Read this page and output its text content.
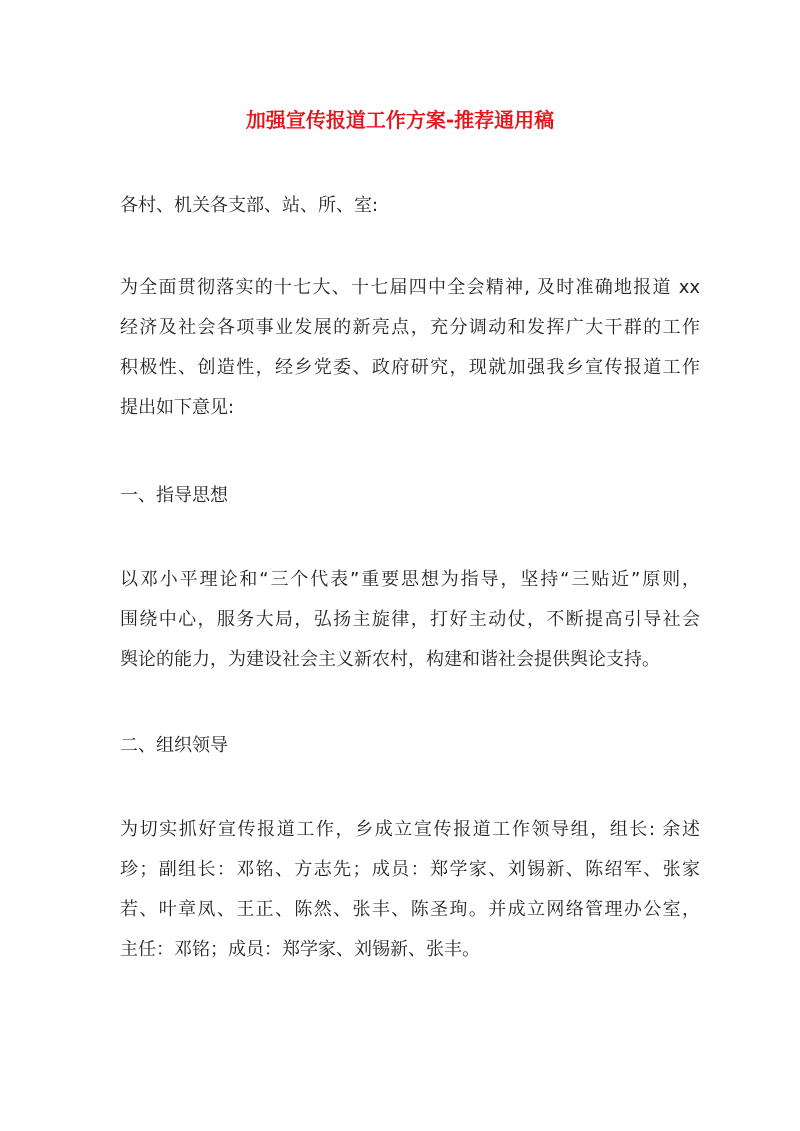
加强宣传报道工作方案-推荐通用稿
各村、机关各支部、站、所、室:
为全面贯彻落实的十七大、十七届四中全会精神, 及时准确地报道 xx
经济及社会各项事业发展的新亮点，充分调动和发挥广大干群的工作
积极性、创造性，经乡党委、政府研究，现就加强我乡宣传报道工作
提出如下意见:
一、指导思想
以邓小平理论和“三个代表”重要思想为指导，坚持“三贴近”原则，
围绕中心，服务大局，弘扬主旋律，打好主动仗，不断提高引导社会
舆论的能力，为建设社会主义新农村，构建和谐社会提供舆论支持。
二、组织领导
为切实抓好宣传报道工作，乡成立宣传报道工作领导组，组长: 余述
珍；副组长：邓铭、方志先；成员：郑学家、刘锡新、陈绍军、张家
若、叶章凤、王正、陈然、张丰、陈圣珣。并成立网络管理办公室，
主任：邓铭；成员：郑学家、刘锡新、张丰。
